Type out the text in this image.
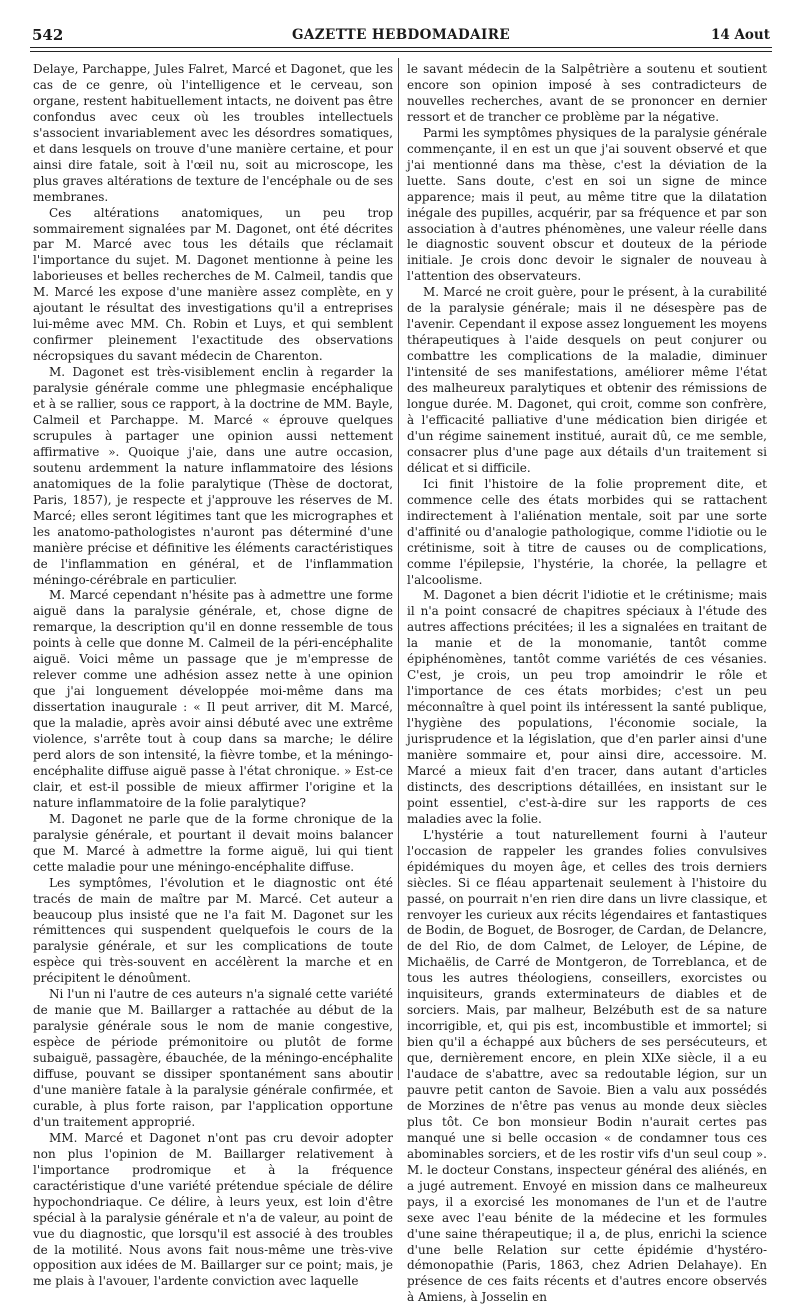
542	GAZETTE HEBDOMADAIRE	14 Aout

Delaye, Parchappe, Jules Falret, Marcé et Dagonet, que les cas de ce genre, où l'intelligence et le cerveau, son organe, restent habituellement intacts, ne doivent pas être confondus avec ceux où les troubles intellectuels s'associent invariablement avec les désordres somatiques, et dans lesquels on trouve d'une manière certaine, et pour ainsi dire fatale, soit à l'œil nu, soit au microscope, les plus graves altérations de texture de l'encéphale ou de ses membranes.

Ces altérations anatomiques, un peu trop sommairement signalées par M. Dagonet, ont été décrites par M. Marcé avec tous les détails que réclamait l'importance du sujet. M. Dagonet mentionne à peine les laborieuses et belles recherches de M. Calmeil, tandis que M. Marcé les expose d'une manière assez complète, en y ajoutant le résultat des investigations qu'il a entreprises lui-même avec MM. Ch. Robin et Luys, et qui semblent confirmer pleinement l'exactitude des observations nécropsiques du savant médecin de Charenton.

M. Dagonet est très-visiblement enclin à regarder la paralysie générale comme une phlegmasie encéphalique et à se rallier, sous ce rapport, à la doctrine de MM. Bayle, Calmeil et Parchappe. M. Marcé « éprouve quelques scrupules à partager une opinion aussi nettement affirmative ». Quoique j'aie, dans une autre occasion, soutenu ardemment la nature inflammatoire des lésions anatomiques de la folie paralytique (Thèse de doctorat, Paris, 1857), je respecte et j'approuve les réserves de M. Marcé; elles seront légitimes tant que les micrographes et les anatomo-pathologistes n'auront pas déterminé d'une manière précise et définitive les éléments caractéristiques de l'inflammation en général, et de l'inflammation méningo-cérébrale en particulier.

M. Marcé cependant n'hésite pas à admettre une forme aiguë dans la paralysie générale, et, chose digne de remarque, la description qu'il en donne ressemble de tous points à celle que donne M. Calmeil de la péri-encéphalite aiguë. Voici même un passage que je m'empresse de relever comme une adhésion assez nette à une opinion que j'ai longuement développée moi-même dans ma dissertation inaugurale : « Il peut arriver, dit M. Marcé, que la maladie, après avoir ainsi débuté avec une extrême violence, s'arrête tout à coup dans sa marche; le délire perd alors de son intensité, la fièvre tombe, et la méningo-encéphalite diffuse aiguë passe à l'état chronique. » Est-ce clair, et est-il possible de mieux affirmer l'origine et la nature inflammatoire de la folie paralytique?

M. Dagonet ne parle que de la forme chronique de la paralysie générale, et pourtant il devait moins balancer que M. Marcé à admettre la forme aiguë, lui qui tient cette maladie pour une méningo-encéphalite diffuse.

Les symptômes, l'évolution et le diagnostic ont été tracés de main de maître par M. Marcé. Cet auteur a beaucoup plus insisté que ne l'a fait M. Dagonet sur les rémittences qui suspendent quelquefois le cours de la paralysie générale, et sur les complications de toute espèce qui très-souvent en accélèrent la marche et en précipitent le dénoûment.

Ni l'un ni l'autre de ces auteurs n'a signalé cette variété de manie que M. Baillarger a rattachée au début de la paralysie générale sous le nom de manie congestive, espèce de période prémonitoire ou plutôt de forme subaiguë, passagère, ébauchée, de la méningo-encéphalite diffuse, pouvant se dissiper spontanément sans aboutir d'une manière fatale à la paralysie générale confirmée, et curable, à plus forte raison, par l'application opportune d'un traitement approprié.

MM. Marcé et Dagonet n'ont pas cru devoir adopter non plus l'opinion de M. Baillarger relativement à l'importance prodromique et à la fréquence caractéristique d'une variété prétendue spéciale de délire hypochondriaque. Ce délire, à leurs yeux, est loin d'être spécial à la paralysie générale et n'a de valeur, au point de vue du diagnostic, que lorsqu'il est associé à des troubles de la motilité. Nous avons fait nous-même une très-vive opposition aux idées de M. Baillarger sur ce point; mais, je me plais à l'avouer, l'ardente conviction avec laquelle

le savant médecin de la Salpêtrière a soutenu et soutient encore son opinion imposé à ses contradicteurs de nouvelles recherches, avant de se prononcer en dernier ressort et de trancher ce problème par la négative.

Parmi les symptômes physiques de la paralysie générale commençante, il en est un que j'ai souvent observé et que j'ai mentionné dans ma thèse, c'est la déviation de la luette. Sans doute, c'est en soi un signe de mince apparence; mais il peut, au même titre que la dilatation inégale des pupilles, acquérir, par sa fréquence et par son association à d'autres phénomènes, une valeur réelle dans le diagnostic souvent obscur et douteux de la période initiale. Je crois donc devoir le signaler de nouveau à l'attention des observateurs.

M. Marcé ne croit guère, pour le présent, à la curabilité de la paralysie générale; mais il ne désespère pas de l'avenir. Cependant il expose assez longuement les moyens thérapeutiques à l'aide desquels on peut conjurer ou combattre les complications de la maladie, diminuer l'intensité de ses manifestations, améliorer même l'état des malheureux paralytiques et obtenir des rémissions de longue durée. M. Dagonet, qui croit, comme son confrère, à l'efficacité palliative d'une médication bien dirigée et d'un régime sainement institué, aurait dû, ce me semble, consacrer plus d'une page aux détails d'un traitement si délicat et si difficile.

Ici finit l'histoire de la folie proprement dite, et commence celle des états morbides qui se rattachent indirectement à l'aliénation mentale, soit par une sorte d'affinité ou d'analogie pathologique, comme l'idiotie ou le crétinisme, soit à titre de causes ou de complications, comme l'épilepsie, l'hystérie, la chorée, la pellagre et l'alcoolisme.

M. Dagonet a bien décrit l'idiotie et le crétinisme; mais il n'a point consacré de chapitres spéciaux à l'étude des autres affections précitées; il les a signalées en traitant de la manie et de la monomanie, tantôt comme épiphénomènes, tantôt comme variétés de ces vésanies. C'est, je crois, un peu trop amoindrir le rôle et l'importance de ces états morbides; c'est un peu méconnaître à quel point ils intéressent la santé publique, l'hygiène des populations, l'économie sociale, la jurisprudence et la législation, que d'en parler ainsi d'une manière sommaire et, pour ainsi dire, accessoire. M. Marcé a mieux fait d'en tracer, dans autant d'articles distincts, des descriptions détaillées, en insistant sur le point essentiel, c'est-à-dire sur les rapports de ces maladies avec la folie.

L'hystérie a tout naturellement fourni à l'auteur l'occasion de rappeler les grandes folies convulsives épidémiques du moyen âge, et celles des trois derniers siècles. Si ce fléau appartenait seulement à l'histoire du passé, on pourrait n'en rien dire dans un livre classique, et renvoyer les curieux aux récits légendaires et fantastiques de Bodin, de Boguet, de Bosroger, de Cardan, de Delancre, de del Rio, de dom Calmet, de Leloyer, de Lépine, de Michaëlis, de Carré de Montgeron, de Torreblanca, et de tous les autres théologiens, conseillers, exorcistes ou inquisiteurs, grands exterminateurs de diables et de sorciers. Mais, par malheur, Belzébuth est de sa nature incorrigible, et, qui pis est, incombustible et immortel; si bien qu'il a échappé aux bûchers de ses persécuteurs, et que, dernièrement encore, en plein XIXe siècle, il a eu l'audace de s'abattre, avec sa redoutable légion, sur un pauvre petit canton de Savoie. Bien a valu aux possédés de Morzines de n'être pas venus au monde deux siècles plus tôt. Ce bon monsieur Bodin n'aurait certes pas manqué une si belle occasion « de condamner tous ces abominables sorciers, et de les rostir vifs d'un seul coup ». M. le docteur Constans, inspecteur général des aliénés, en a jugé autrement. Envoyé en mission dans ce malheureux pays, il a exorcisé les monomanes de l'un et de l'autre sexe avec l'eau bénite de la médecine et les formules d'une saine thérapeutique; il a, de plus, enrichi la science d'une belle Relation sur cette épidémie d'hystéro-démonopathie (Paris, 1863, chez Adrien Delahaye). En présence de ces faits récents et d'autres encore observés à Amiens, à Josselin en
